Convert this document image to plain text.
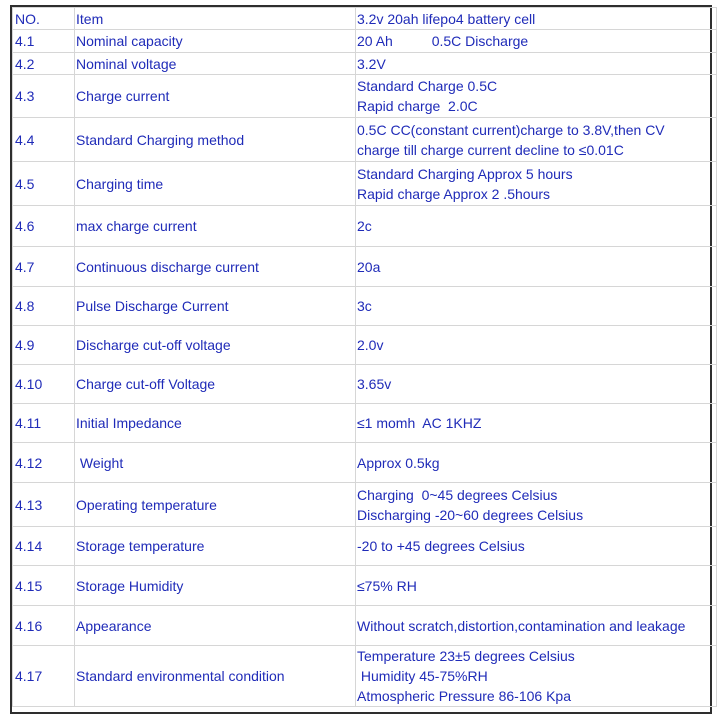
NO.	Item	3.2v 20ah lifepo4 battery cell
4.1	Nominal capacity	20 Ah          0.5C Discharge

4.2	Nominal voltage	3.2V

4.3	Charge current	Standard Charge 0.5C
Rapid charge  2.0C

4.4	Standard Charging method	0.5C CC(constant current)charge to 3.8V,then CV
charge till charge current decline to ≤0.01C

4.5	Charging time	Standard Charging Approx 5 hours
Rapid charge Approx 2 .5hours

4.6	max charge current	2c

4.7	Continuous discharge current	20a

4.8	Pulse Discharge Current	3c

4.9	Discharge cut-off voltage	2.0v

4.10	Charge cut-off Voltage	3.65v

4.11	Initial Impedance	≤1 momh  AC 1KHZ

4.12	Weight	Approx 0.5kg

4.13	Operating temperature	Charging  0~45 degrees Celsius
Discharging -20~60 degrees Celsius

4.14	Storage temperature	-20 to +45 degrees Celsius

4.15	Storage Humidity	≤75% RH

4.16	Appearance	Without scratch,distortion,contamination and leakage

4.17	Standard environmental condition	Temperature 23±5 degrees Celsius
Humidity 45-75%RH
Atmospheric Pressure 86-106 Kpa
